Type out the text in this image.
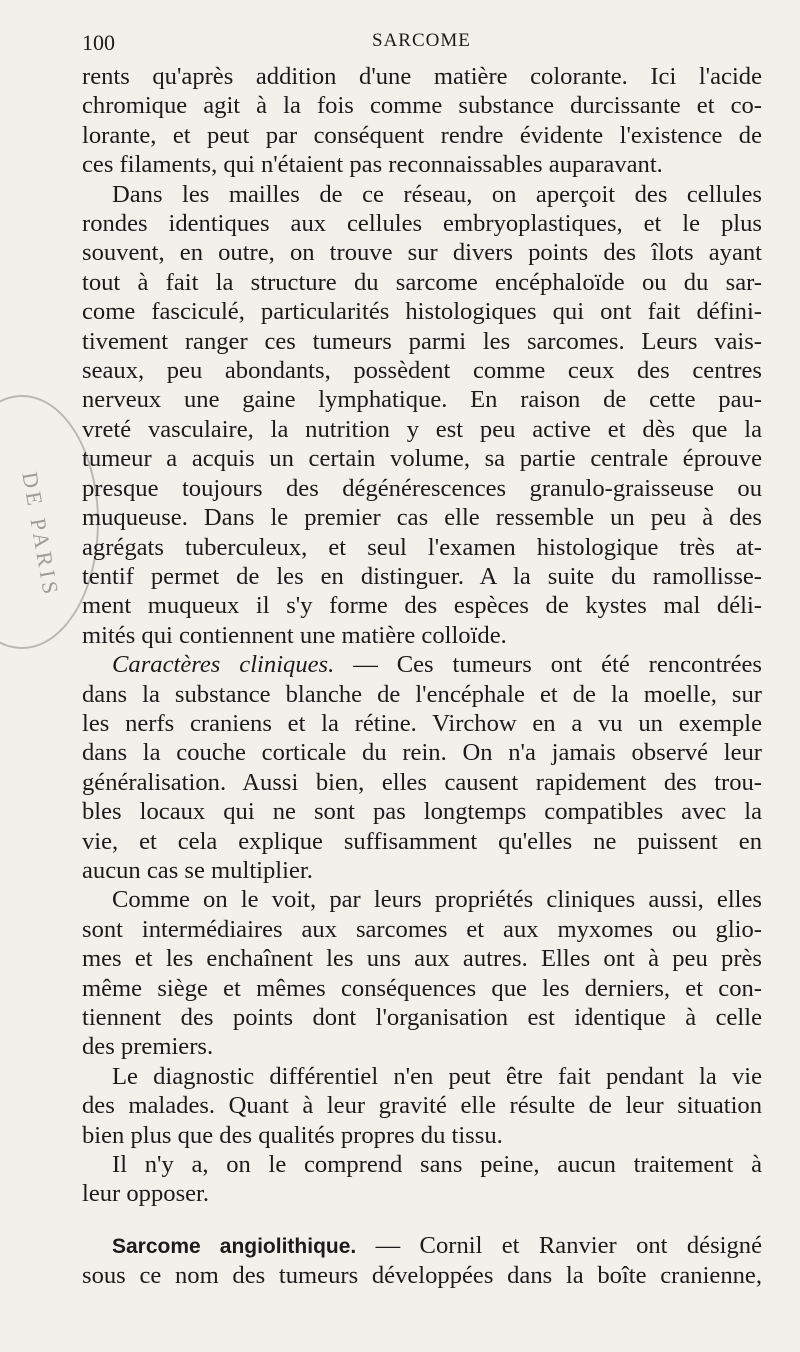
DE PARIS
100	SARCOME
rents qu'après addition d'une matière colorante. Ici l'acide
chromique agit à la fois comme substance durcissante et co-
lorante, et peut par conséquent rendre évidente l'existence de
ces filaments, qui n'étaient pas reconnaissables auparavant.
Dans les mailles de ce réseau, on aperçoit des cellules
rondes identiques aux cellules embryoplastiques, et le plus
souvent, en outre, on trouve sur divers points des îlots ayant
tout à fait la structure du sarcome encéphaloïde ou du sar-
come fasciculé, particularités histologiques qui ont fait défini-
tivement ranger ces tumeurs parmi les sarcomes. Leurs vais-
seaux, peu abondants, possèdent comme ceux des centres
nerveux une gaine lymphatique. En raison de cette pau-
vreté vasculaire, la nutrition y est peu active et dès que la
tumeur a acquis un certain volume, sa partie centrale éprouve
presque toujours des dégénérescences granulo-graisseuse ou
muqueuse. Dans le premier cas elle ressemble un peu à des
agrégats tuberculeux, et seul l'examen histologique très at-
tentif permet de les en distinguer. A la suite du ramollisse-
ment muqueux il s'y forme des espèces de kystes mal déli-
mités qui contiennent une matière colloïde.
Caractères cliniques. — Ces tumeurs ont été rencontrées
dans la substance blanche de l'encéphale et de la moelle, sur
les nerfs craniens et la rétine. Virchow en a vu un exemple
dans la couche corticale du rein. On n'a jamais observé leur
généralisation. Aussi bien, elles causent rapidement des trou-
bles locaux qui ne sont pas longtemps compatibles avec la
vie, et cela explique suffisamment qu'elles ne puissent en
aucun cas se multiplier.
Comme on le voit, par leurs propriétés cliniques aussi, elles
sont intermédiaires aux sarcomes et aux myxomes ou glio-
mes et les enchaînent les uns aux autres. Elles ont à peu près
même siège et mêmes conséquences que les derniers, et con-
tiennent des points dont l'organisation est identique à celle
des premiers.
Le diagnostic différentiel n'en peut être fait pendant la vie
des malades. Quant à leur gravité elle résulte de leur situation
bien plus que des qualités propres du tissu.
Il n'y a, on le comprend sans peine, aucun traitement à
leur opposer.
Sarcome angiolithique. — Cornil et Ranvier ont désigné
sous ce nom des tumeurs développées dans la boîte cranienne,
